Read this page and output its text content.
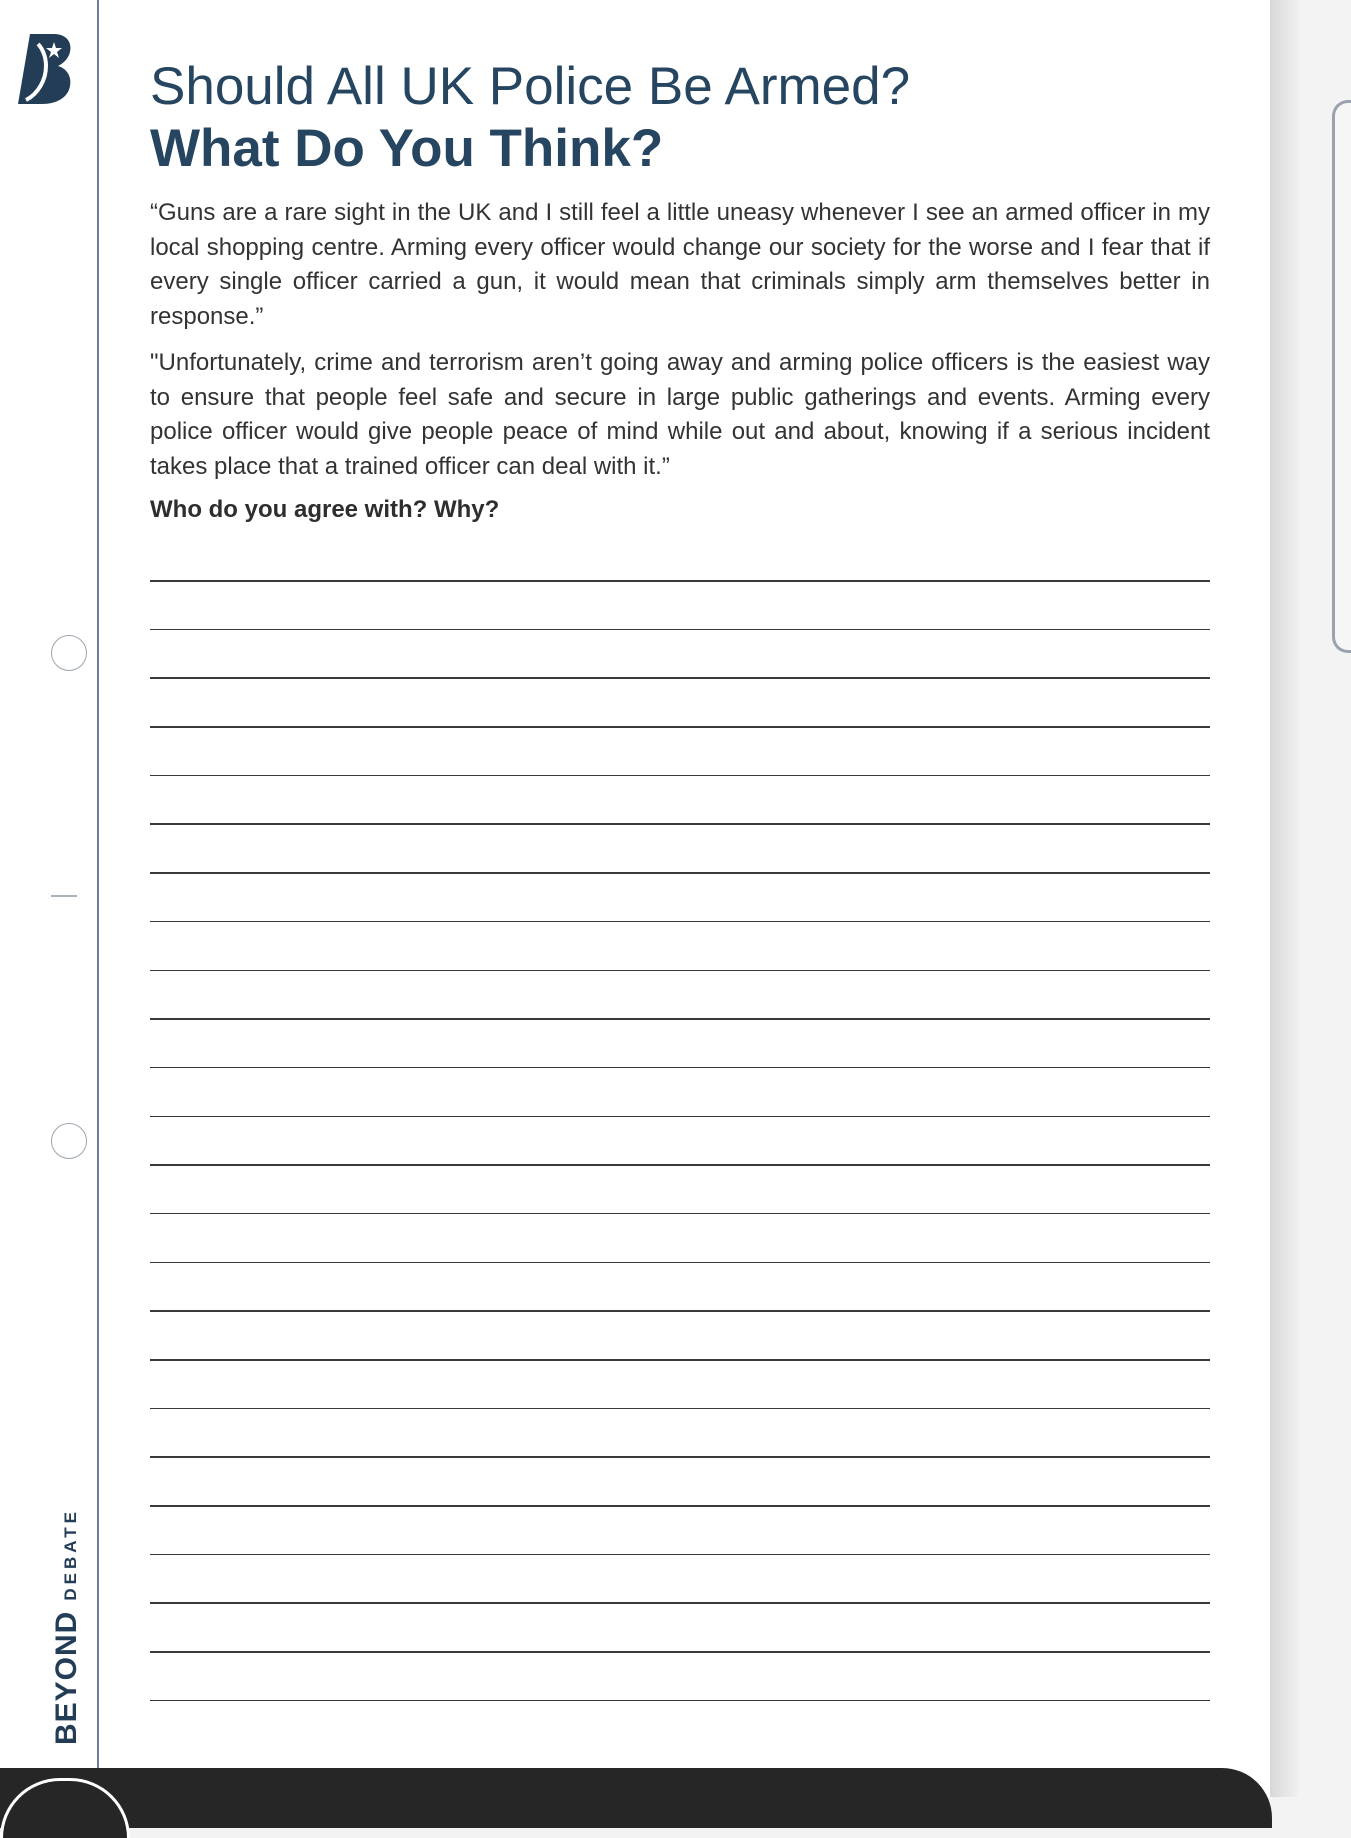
BEYONDDEBATE
Should All UK Police Be Armed?
What Do You Think?

“Guns are a rare sight in the UK and I still feel a little uneasy whenever I see an armed officer in my local shopping centre. Arming every officer would change our society for the worse and I fear that if every single officer carried a gun, it would mean that criminals simply arm themselves better in response.”

"Unfortunately, crime and terrorism aren’t going away and arming police officers is the easiest way to ensure that people feel safe and secure in large public gatherings and events. Arming every police officer would give people peace of mind while out and about, knowing if a serious incident takes place that a trained officer can deal with it.”

Who do you agree with? Why?
